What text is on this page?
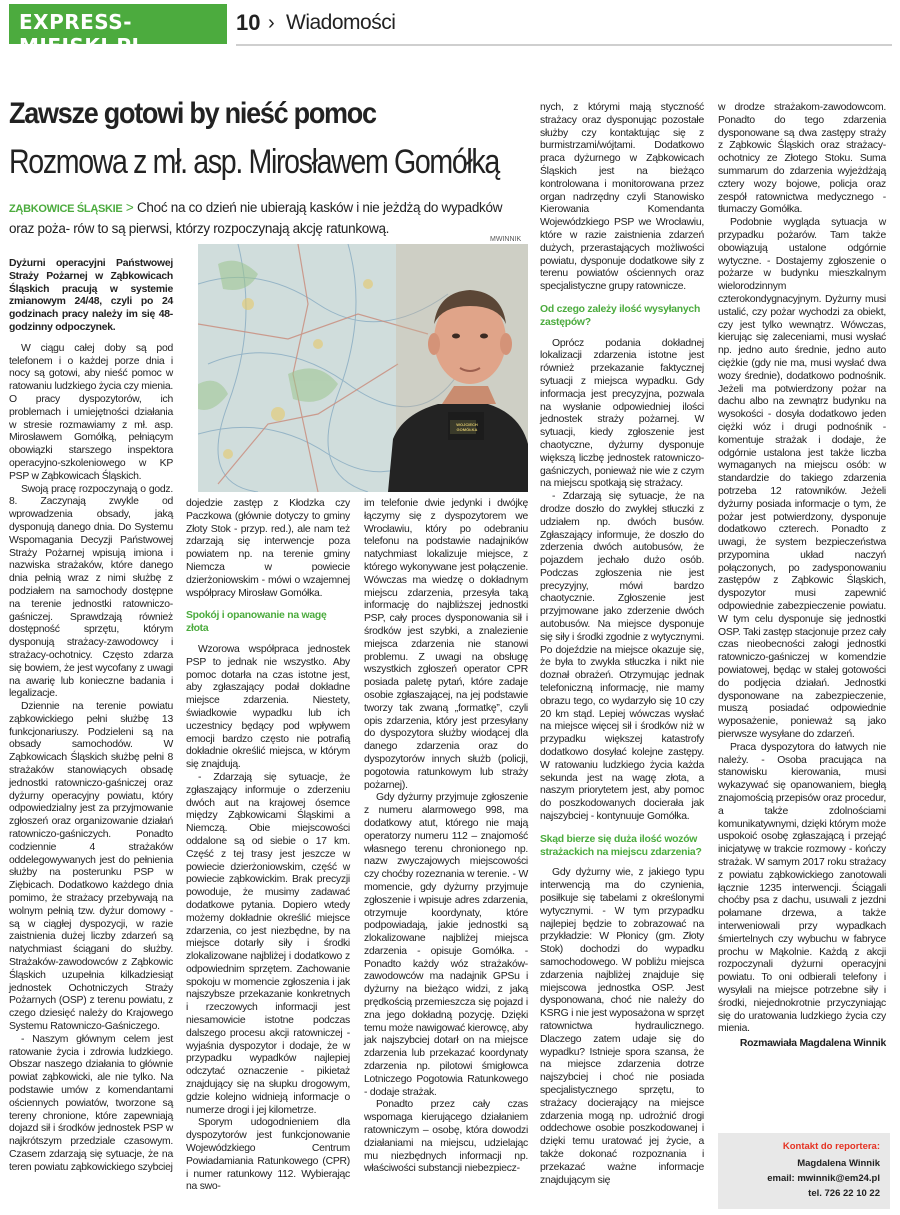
EXPRESS-MIEJSKI.PL
10 › Wiadomości
Zawsze gotowi by nieść pomoc
Rozmowa z mł. asp. Mirosławem Gomółką
ZĄBKOWICE ŚLĄSKIE > Choć na co dzień nie ubierają kasków i nie jeżdżą do wypadków oraz poża- rów to są pierwsi, którzy rozpoczynają akcję ratunkową.
MWINNIK
WOJCIECH GOMÓŁKA

Dyżurni operacyjni Państwowej Straży Pożarnej w Ząbkowicach Śląskich pracują w systemie zmianowym 24/48, czyli po 24 godzinach pracy należy im się 48-godzinny odpoczynek.

W ciągu całej doby są pod telefonem i o każdej porze dnia i nocy są gotowi, aby nieść pomoc w ratowaniu ludzkiego życia czy mienia. O pracy dyspozytorów, ich problemach i umiejętności działania w stresie rozmawiamy z mł. asp. Mirosławem Gomółką, pełniącym obowiązki starszego inspektora operacyjno-szkoleniowego w KP PSP w Ząbkowicach Śląskich.

Swoją pracę rozpoczynają o godz. 8. Zaczynają zwykle od wprowadzenia obsady, jaką dysponują danego dnia. Do Systemu Wspomagania Decyzji Państwowej Straży Pożarnej wpisują imiona i nazwiska strażaków, które danego dnia pełnią wraz z nimi służbę z podziałem na samochody dostępne na terenie jednostki ratowniczo-gaśniczej. Sprawdzają również dostępność sprzętu, którym dysponują strażacy-zawodowcy i strażacy-ochotnicy. Często zdarza się bowiem, że jest wycofany z uwagi na awarię lub konieczne badania i legalizacje.

Dziennie na terenie powiatu ząbkowickiego pełni służbę 13 funkcjonariuszy. Podzieleni są na obsady samochodów. W Ząbkowicach Śląskich służbę pełni 8 strażaków stanowiących obsadę jednostki ratowniczo-gaśniczej oraz dyżurny operacyjny powiatu, który odpowiedzialny jest za przyjmowanie zgłoszeń oraz organizowanie działań ratowniczo-gaśniczych. Ponadto codziennie 4 strażaków oddelegowywanych jest do pełnienia służby na posterunku PSP w Ziębicach. Dodatkowo każdego dnia pomimo, że strażacy przebywają na wolnym pełnią tzw. dyżur domowy - są w ciągłej dyspozycji, w razie zaistnienia dużej liczby zdarzeń są natychmiast ściągani do służby. Strażaków-zawodowców z Ząbkowic Śląskich uzupełnia kilkadziesiąt jednostek Ochotniczych Straży Pożarnych (OSP) z terenu powiatu, z czego dziesięć należy do Krajowego Systemu Ratowniczo-Gaśniczego.

- Naszym głównym celem jest ratowanie życia i zdrowia ludzkiego. Obszar naszego działania to głównie powiat ząbkowicki, ale nie tylko. Na podstawie umów z komendantami ościennych powiatów, tworzone są tereny chronione, które zapewniają dojazd sił i środków jednostek PSP w najkrótszym przedziale czasowym. Czasem zdarzają się sytuacje, że na teren powiatu ząbkowickiego szybciej

dojedzie zastęp z Kłodzka czy Paczkowa (głównie dotyczy to gminy Złoty Stok - przyp. red.), ale nam też zdarzają się interwencje poza powiatem np. na terenie gminy Niemcza w powiecie dzierżoniowskim - mówi o wzajemnej współpracy Mirosław Gomółka.

Spokój i opanowanie na wagę złota

Wzorowa współpraca jednostek PSP to jednak nie wszystko. Aby pomoc dotarła na czas istotne jest, aby zgłaszający podał dokładne miejsce zdarzenia. Niestety, świadkowie wypadku lub ich uczestnicy będący pod wpływem emocji bardzo często nie potrafią dokładnie określić miejsca, w którym się znajdują.

- Zdarzają się sytuacje, że zgłaszający informuje o zderzeniu dwóch aut na krajowej ósemce między Ząbkowicami Śląskimi a Niemczą. Obie miejscowości oddalone są od siebie o 17 km. Część z tej trasy jest jeszcze w powiecie dzierżoniowskim, część w powiecie ząbkowickim. Brak precyzji powoduje, że musimy zadawać dodatkowe pytania. Dopiero wtedy możemy dokładnie określić miejsce zdarzenia, co jest niezbędne, by na miejsce dotarły siły i środki zlokalizowane najbliżej i dodatkowo z odpowiednim sprzętem. Zachowanie spokoju w momencie zgłoszenia i jak najszybsze przekazanie konkretnych i rzeczowych informacji jest niesamowicie istotne podczas dalszego procesu akcji ratowniczej - wyjaśnia dyspozytor i dodaje, że w przypadku wypadków najlepiej odczytać oznaczenie - pikietaż znajdujący się na słupku drogowym, gdzie kolejno widnieją informacje o numerze drogi i jej kilometrze.

Sporym udogodnieniem dla dyspozytorów jest funkcjonowanie Wojewódzkiego Centrum Powiadamiania Ratunkowego (CPR) i numer ratunkowy 112. Wybierając na swo-

im telefonie dwie jedynki i dwójkę łączymy się z dyspozytorem we Wrocławiu, który po odebraniu telefonu na podstawie nadajników natychmiast lokalizuje miejsce, z którego wykonywane jest połączenie. Wówczas ma wiedzę o dokładnym miejscu zdarzenia, przesyła taką informację do najbliższej jednostki PSP, cały proces dysponowania sił i środków jest szybki, a znalezienie miejsca zdarzenia nie stanowi problemu. Z uwagi na obsługę wszystkich zgłoszeń operator CPR posiada paletę pytań, które zadaje osobie zgłaszającej, na jej podstawie tworzy tak zwaną „formatkę”, czyli opis zdarzenia, który jest przesyłany do dyspozytora służby wiodącej dla danego zdarzenia oraz do dyspozytorów innych służb (policji, pogotowia ratunkowym lub straży pożarnej).

Gdy dyżurny przyjmuje zgłoszenie z numeru alarmowego 998, ma dodatkowy atut, którego nie mają operatorzy numeru 112 – znajomość własnego terenu chronionego np. nazw zwyczajowych miejscowości czy choćby rozeznania w terenie. - W momencie, gdy dyżurny przyjmuje zgłoszenie i wpisuje adres zdarzenia, otrzymuje koordynaty, które podpowiadają, jakie jednostki są zlokalizowane najbliżej miejsca zdarzenia - opisuje Gomółka. - Ponadto każdy wóz strażaków-zawodowców ma nadajnik GPSu i dyżurny na bieżąco widzi, z jaką prędkością przemieszcza się pojazd i zna jego dokładną pozycję. Dzięki temu może nawigować kierowcę, aby jak najszybciej dotarł on na miejsce zdarzenia lub przekazać koordynaty zdarzenia np. pilotowi śmigłowca Lotniczego Pogotowia Ratunkowego - dodaje strażak.

Ponadto przez cały czas wspomaga kierującego działaniem ratowniczym – osobę, która dowodzi działaniami na miejscu, udzielając mu niezbędnych informacji np. właściwości substancji niebezpiecz-

nych, z którymi mają styczność strażacy oraz dysponując pozostałe służby czy kontaktując się z burmistrzami/wójtami. Dodatkowo praca dyżurnego w Ząbkowicach Śląskich jest na bieżąco kontrolowana i monitorowana przez organ nadrzędny czyli Stanowisko Kierowania Komendanta Wojewódzkiego PSP we Wrocławiu, które w razie zaistnienia zdarzeń dużych, przerastających możliwości powiatu, dysponuje dodatkowe siły z terenu powiatów ościennych oraz specjalistyczne grupy ratownicze.

Od czego zależy ilość wysyłanych zastępów?

Oprócz podania dokładnej lokalizacji zdarzenia istotne jest również przekazanie faktycznej sytuacji z miejsca wypadku. Gdy informacja jest precyzyjna, pozwala na wysłanie odpowiedniej ilości jednostek straży pożarnej. W sytuacji, kiedy zgłoszenie jest chaotyczne, dyżurny dysponuje większą liczbę jednostek ratowniczo-gaśniczych, ponieważ nie wie z czym na miejscu spotkają się strażacy.

- Zdarzają się sytuacje, że na drodze doszło do zwykłej stłuczki z udziałem np. dwóch busów. Zgłaszający informuje, że doszło do zderzenia dwóch autobusów, że pojazdem jechało dużo osób. Podczas zgłoszenia nie jest precyzyjny, mówi bardzo chaotycznie. Zgłoszenie jest przyjmowane jako zderzenie dwóch autobusów. Na miejsce dysponuje się siły i środki zgodnie z wytycznymi. Po dojeździe na miejsce okazuje się, że była to zwykła stłuczka i nikt nie doznał obrażeń. Otrzymując jednak telefoniczną informację, nie mamy obrazu tego, co wydarzyło się 10 czy 20 km stąd. Lepiej wówczas wysłać na miejsce więcej sił i środków niż w przypadku większej katastrofy dodatkowo dosyłać kolejne zastępy. W ratowaniu ludzkiego życia każda sekunda jest na wagę złota, a naszym priorytetem jest, aby pomoc do poszkodowanych docierała jak najszybciej - kontynuuje Gomółka.

Skąd bierze się duża ilość wozów strażackich na miejscu zdarzenia?

Gdy dyżurny wie, z jakiego typu interwencją ma do czynienia, posiłkuje się tabelami z określonymi wytycznymi. - W tym przypadku najlepiej będzie to zobrazować na przykładzie: W Płonicy (gm. Złoty Stok) dochodzi do wypadku samochodowego. W pobliżu miejsca zdarzenia najbliżej znajduje się miejscowa jednostka OSP. Jest dysponowana, choć nie należy do KSRG i nie jest wyposażona w sprzęt ratownictwa hydraulicznego. Dlaczego zatem udaje się do wypadku? Istnieje spora szansa, że na miejsce zdarzenia dotrze najszybciej i choć nie posiada specjalistycznego sprzętu, to strażacy docierający na miejsce zdarzenia mogą np. udrożnić drogi oddechowe osobie poszkodowanej i dzięki temu uratować jej życie, a także dokonać rozpoznania i przekazać ważne informacje znajdującym się

w drodze strażakom-zawodowcom. Ponadto do tego zdarzenia dysponowane są dwa zastępy straży z Ząbkowic Śląskich oraz strażacy-ochotnicy ze Złotego Stoku. Suma summarum do zdarzenia wyjeżdżają cztery wozy bojowe, policja oraz zespół ratownictwa medycznego - tłumaczy Gomółka.

Podobnie wygląda sytuacja w przypadku pożarów. Tam także obowiązują ustalone odgórnie wytyczne. - Dostajemy zgłoszenie o pożarze w budynku mieszkalnym wielorodzinnym czterokondygnacyjnym. Dyżurny musi ustalić, czy pożar wychodzi za obiekt, czy jest tylko wewnątrz. Wówczas, kierując się zaleceniami, musi wysłać np. jedno auto średnie, jedno auto ciężkie (gdy nie ma, musi wysłać dwa wozy średnie), dodatkowo podnośnik. Jeżeli ma potwierdzony pożar na dachu albo na zewnątrz budynku na wysokości - dosyła dodatkowo jeden ciężki wóz i drugi podnośnik - komentuje strażak i dodaje, że odgórnie ustalona jest także liczba wymaganych na miejscu osób: w standardzie do takiego zdarzenia potrzeba 12 ratowników. Jeżeli dyżurny posiada informacje o tym, że pożar jest potwierdzony, dysponuje dodatkowo czterech. Ponadto z uwagi, że system bezpieczeństwa przypomina układ naczyń połączonych, po zadysponowaniu zastępów z Ząbkowic Śląskich, dyspozytor musi zapewnić odpowiednie zabezpieczenie powiatu. W tym celu dysponuje się jednostki OSP. Taki zastęp stacjonuje przez cały czas nieobecności załogi jednostki ratowniczo-gaśniczej w komendzie powiatowej, będąc w stałej gotowości do podjęcia działań. Jednostki dysponowane na zabezpieczenie, muszą posiadać odpowiednie wyposażenie, ponieważ są jako pierwsze wysyłane do zdarzeń.

Praca dyspozytora do łatwych nie należy. - Osoba pracująca na stanowisku kierowania, musi wykazywać się opanowaniem, biegłą znajomością przepisów oraz procedur, a także zdolnościami komunikatywnymi, dzięki którym może uspokoić osobę zgłaszającą i przejąć inicjatywę w trakcie rozmowy - kończy strażak. W samym 2017 roku strażacy z powiatu ząbkowickiego zanotowali łącznie 1235 interwencji. Ściągali choćby psa z dachu, usuwali z jezdni połamane drzewa, a także interweniowali przy wypadkach śmiertelnych czy wybuchu w fabryce prochu w Mąkolnie. Każdą z akcji rozpoczynali dyżurni operacyjni powiatu. To oni odbierali telefony i wysyłali na miejsce potrzebne siły i środki, niejednokrotnie przyczyniając się do uratowania ludzkiego życia czy mienia.

Rozmawiała Magdalena Winnik

Kontakt do reportera:
Magdalena Winnik
email: mwinnik@em24.pl
tel. 726 22 10 22
